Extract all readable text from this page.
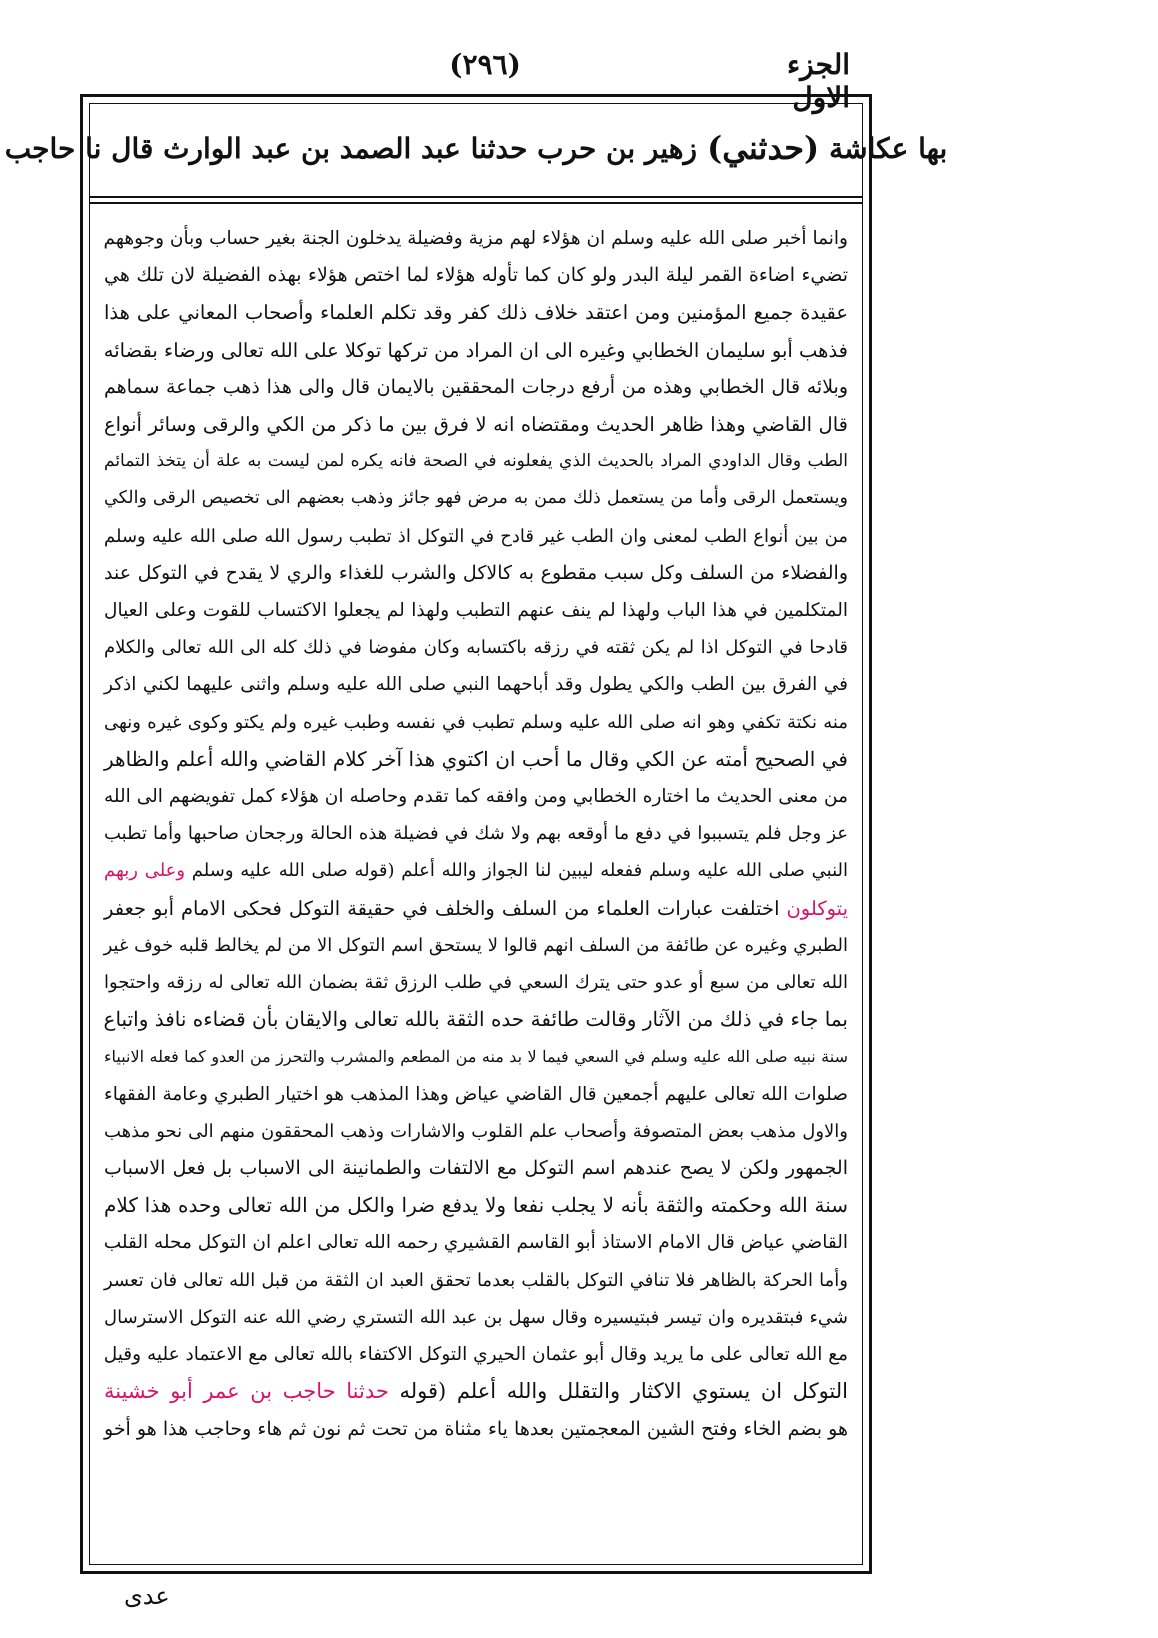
الجزء الاول
(٢٩٦)
بها عكاشة
(حدثني)
زهير بن حرب حدثنا عبد الصمد بن عبد الوارث قال نا حاجب
وانما أخبر صلى الله عليه وسلم ان هؤلاء لهم مزية وفضيلة يدخلون الجنة بغير حساب وبأن وجوههم
تضيء اضاءة القمر ليلة البدر ولو كان كما تأوله هؤلاء لما اختص هؤلاء بهذه الفضيلة لان تلك هي
عقيدة جميع المؤمنين ومن اعتقد خلاف ذلك كفر وقد تكلم العلماء وأصحاب المعاني على هذا
فذهب أبو سليمان الخطابي وغيره الى ان المراد من تركها توكلا على الله تعالى ورضاء بقضائه
وبلائه قال الخطابي وهذه من أرفع درجات المحققين بالايمان قال والى هذا ذهب جماعة سماهم
قال القاضي وهذا ظاهر الحديث ومقتضاه انه لا فرق بين ما ذكر من الكي والرقى وسائر أنواع
الطب وقال الداودي المراد بالحديث الذي يفعلونه في الصحة فانه يكره لمن ليست به علة أن يتخذ التمائم
ويستعمل الرقى وأما من يستعمل ذلك ممن به مرض فهو جائز وذهب بعضهم الى تخصيص الرقى والكي
من بين أنواع الطب لمعنى وان الطب غير قادح في التوكل اذ تطبب رسول الله صلى الله عليه وسلم
والفضلاء من السلف وكل سبب مقطوع به كالاكل والشرب للغذاء والري لا يقدح في التوكل عند
المتكلمين في هذا الباب ولهذا لم ينف عنهم التطبب ولهذا لم يجعلوا الاكتساب للقوت وعلى العيال
قادحا في التوكل اذا لم يكن ثقته في رزقه باكتسابه وكان مفوضا في ذلك كله الى الله تعالى والكلام
في الفرق بين الطب والكي يطول وقد أباحهما النبي صلى الله عليه وسلم واثنى عليهما لكني اذكر
منه نكتة تكفي وهو انه صلى الله عليه وسلم تطبب في نفسه وطبب غيره ولم يكتو وكوى غيره ونهى
في الصحيح أمته عن الكي وقال ما أحب ان اكتوي هذا آخر كلام القاضي والله أعلم والظاهر
من معنى الحديث ما اختاره الخطابي ومن وافقه كما تقدم وحاصله ان هؤلاء كمل تفويضهم الى الله
عز وجل فلم يتسببوا في دفع ما أوقعه بهم ولا شك في فضيلة هذه الحالة ورجحان صاحبها وأما تطبب
النبي صلى الله عليه وسلم ففعله ليبين لنا الجواز والله أعلم (قوله صلى الله عليه وسلم وعلى ربهم
يتوكلون اختلفت عبارات العلماء من السلف والخلف في حقيقة التوكل فحكى الامام أبو جعفر
الطبري وغيره عن طائفة من السلف انهم قالوا لا يستحق اسم التوكل الا من لم يخالط قلبه خوف غير
الله تعالى من سبع أو عدو حتى يترك السعي في طلب الرزق ثقة بضمان الله تعالى له رزقه واحتجوا
بما جاء في ذلك من الآثار وقالت طائفة حده الثقة بالله تعالى والايقان بأن قضاءه نافذ واتباع
سنة نبيه صلى الله عليه وسلم في السعي فيما لا بد منه من المطعم والمشرب والتحرز من العدو كما فعله الانبياء
صلوات الله تعالى عليهم أجمعين قال القاضي عياض وهذا المذهب هو اختيار الطبري وعامة الفقهاء
والاول مذهب بعض المتصوفة وأصحاب علم القلوب والاشارات وذهب المحققون منهم الى نحو مذهب
الجمهور ولكن لا يصح عندهم اسم التوكل مع الالتفات والطمانينة الى الاسباب بل فعل الاسباب
سنة الله وحكمته والثقة بأنه لا يجلب نفعا ولا يدفع ضرا والكل من الله تعالى وحده هذا كلام
القاضي عياض قال الامام الاستاذ أبو القاسم القشيري رحمه الله تعالى اعلم ان التوكل محله القلب
وأما الحركة بالظاهر فلا تنافي التوكل بالقلب بعدما تحقق العبد ان الثقة من قبل الله تعالى فان تعسر
شيء فبتقديره وان تيسر فبتيسيره وقال سهل بن عبد الله التستري رضي الله عنه التوكل الاسترسال
مع الله تعالى على ما يريد وقال أبو عثمان الحيري التوكل الاكتفاء بالله تعالى مع الاعتماد عليه وقيل
التوكل ان يستوي الاكثار والتقلل والله أعلم (قوله حدثنا حاجب بن عمر أبو خشينة
هو بضم الخاء وفتح الشين المعجمتين بعدها ياء مثناة من تحت ثم نون ثم هاء وحاجب هذا هو أخو
عدى
